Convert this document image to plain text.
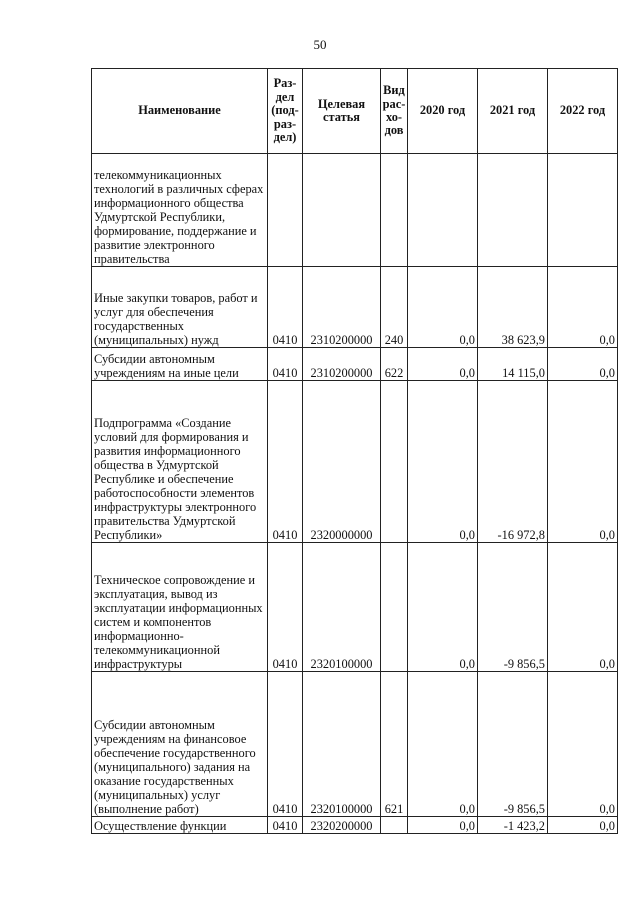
50
Наименование	Раз-дел (под-раз-дел)	Целевая статья	Вид рас-хо-дов	2020 год	2021 год	2022 год
телекоммуникационных технологий в различных сферах информационного общества Удмуртской Республики, формирование, поддержание и развитие электронного правительства						
Иные закупки товаров, работ и услуг для обеспечения государственных (муниципальных) нужд	0410	2310200000	240	0,0	38 623,9	0,0
Субсидии автономным учреждениям на иные цели	0410	2310200000	622	0,0	14 115,0	0,0
Подпрограмма «Создание условий для формирования и развития информационного общества в Удмуртской Республике и обеспечение работоспособности элементов инфраструктуры электронного правительства Удмуртской Республики»	0410	2320000000		0,0	-16 972,8	0,0
Техническое сопровождение и эксплуатация, вывод из эксплуатации информационных систем и компонентов информационно-телекоммуникационной инфраструктуры	0410	2320100000		0,0	-9 856,5	0,0
Субсидии автономным учреждениям на финансовое обеспечение государственного (муниципального) задания на оказание государственных (муниципальных) услуг (выполнение работ)	0410	2320100000	621	0,0	-9 856,5	0,0
Осуществление функции	0410	2320200000		0,0	-1 423,2	0,0
